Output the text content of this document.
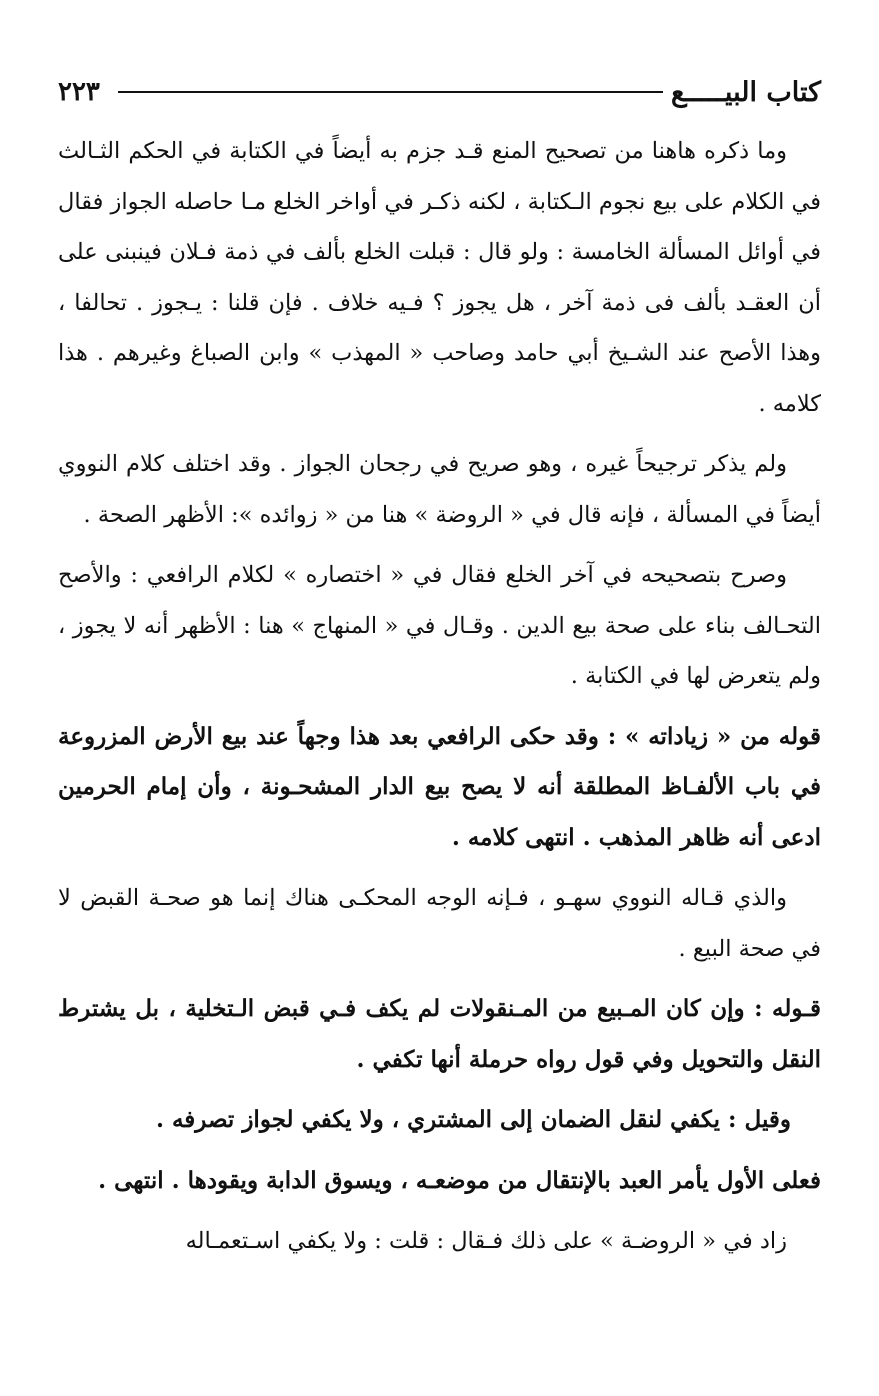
كتاب البيـــــع
٢٢٣

وما ذكره هاهنا من تصحيح المنع قـد جزم به أيضاً في الكتابة في الحكم الثـالث في الكلام على بيع نجوم الـكتابة ، لكنه ذكـر في أواخر الخلع مـا حاصله الجواز فقال في أوائل المسألة الخامسة : ولو قال : قبلت الخلع بألف في ذمة فـلان فينبنى على أن العقـد بألف فى ذمة آخر ، هل يجوز ؟ فـيه خلاف . فإن قلنا : يـجوز . تحالفا ، وهذا الأصح عند الشـيخ أبي حامد وصاحب « المهذب » وابن الصباغ وغيرهم . هذا كلامه .

ولم يذكر ترجيحاً غيره ، وهو صريح في رجحان الجواز . وقد اختلف كلام النووي أيضاً في المسألة ، فإنه قال في « الروضة » هنا من « زوائده »: الأظهر الصحة .

وصرح بتصحيحه في آخر الخلع فقال في « اختصاره » لكلام الرافعي : والأصح التحـالف بناء على صحة بيع الدين . وقـال في « المنهاج » هنا : الأظهر أنه لا يجوز ، ولم يتعرض لها في الكتابة .

قوله من « زياداته » : وقد حكى الرافعي بعد هذا وجهاً عند بيع الأرض المزروعة في باب الألفـاظ المطلقة أنه لا يصح بيع الدار المشحـونة ، وأن إمام الحرمين ادعى أنه ظاهر المذهب . انتهى كلامه .

والذي قـاله النووي سهـو ، فـإنه الوجه المحكـى هناك إنما هو صحـة القبض لا في صحة البيع .

قـوله : وإن كان المـبيع من المـنقولات لم يكف فـي قبض الـتخلية ، بل يشترط النقل والتحويل وفي قول رواه حرملة أنها تكفي .

وقيل : يكفي لنقل الضمان إلى المشتري ، ولا يكفي لجواز تصرفه .

فعلى الأول يأمر العبد بالإنتقال من موضعـه ، ويسوق الدابة ويقودها . انتهى .

زاد في « الروضـة » على ذلك فـقال : قلت : ولا يكفي اسـتعمـاله
